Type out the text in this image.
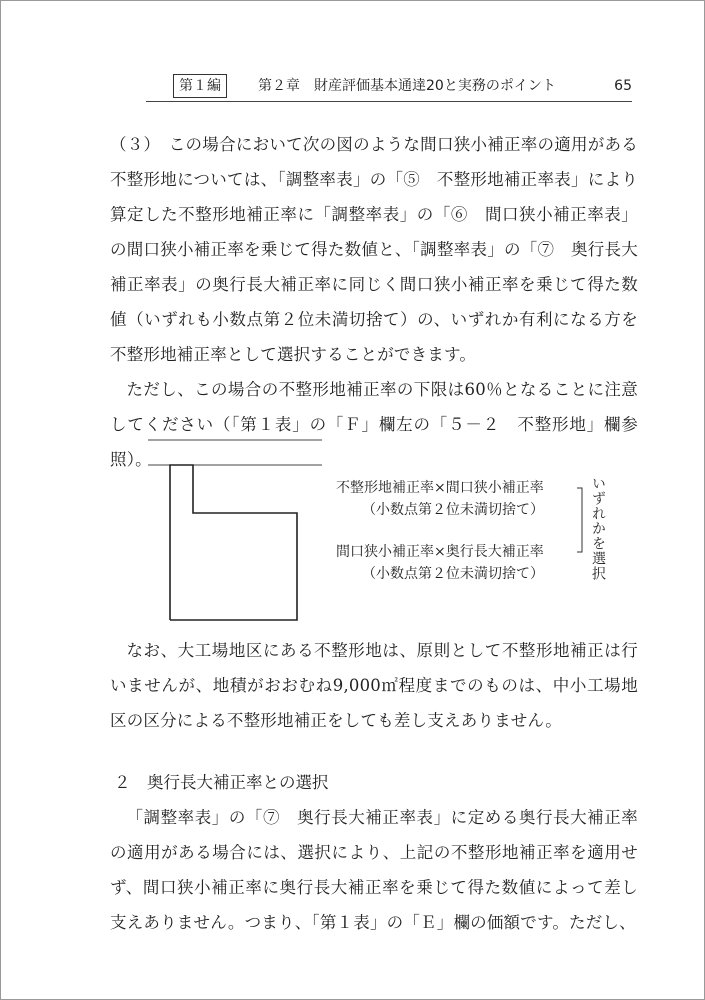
第１編	第２章　財産評価基本通達20と実務のポイント	65

（３）　この場合において次の図のような間口狭小補正率の適用がある不整形地については、「調整率表」の「⑤　不整形地補正率表」により算定した不整形地補正率に「調整率表」の「⑥　間口狭小補正率表」の間口狭小補正率を乗じて得た数値と、「調整率表」の「⑦　奥行長大補正率表」の奥行長大補正率に同じく間口狭小補正率を乗じて得た数値（いずれも小数点第２位未満切捨て）の、いずれか有利になる方を不整形地補正率として選択することができます。

ただし、この場合の不整形地補正率の下限は60％となることに注意してください（「第１表」の「Ｆ」欄左の「５－２　不整形地」欄参照）。

不整形地補正率×間口狭小補正率
（小数点第２位未満切捨て）
間口狭小補正率×奥行長大補正率
（小数点第２位未満切捨て）	いずれかを選択

なお、大工場地区にある不整形地は、原則として不整形地補正は行いませんが、地積がおおむね9,000㎡程度までのものは、中小工場地区の区分による不整形地補正をしても差し支えありません。

２　奥行長大補正率との選択

「調整率表」の「⑦　奥行長大補正率表」に定める奥行長大補正率の適用がある場合には、選択により、上記の不整形地補正率を適用せず、間口狭小補正率に奥行長大補正率を乗じて得た数値によって差し支えありません。つまり、「第１表」の「Ｅ」欄の価額です。ただし、
